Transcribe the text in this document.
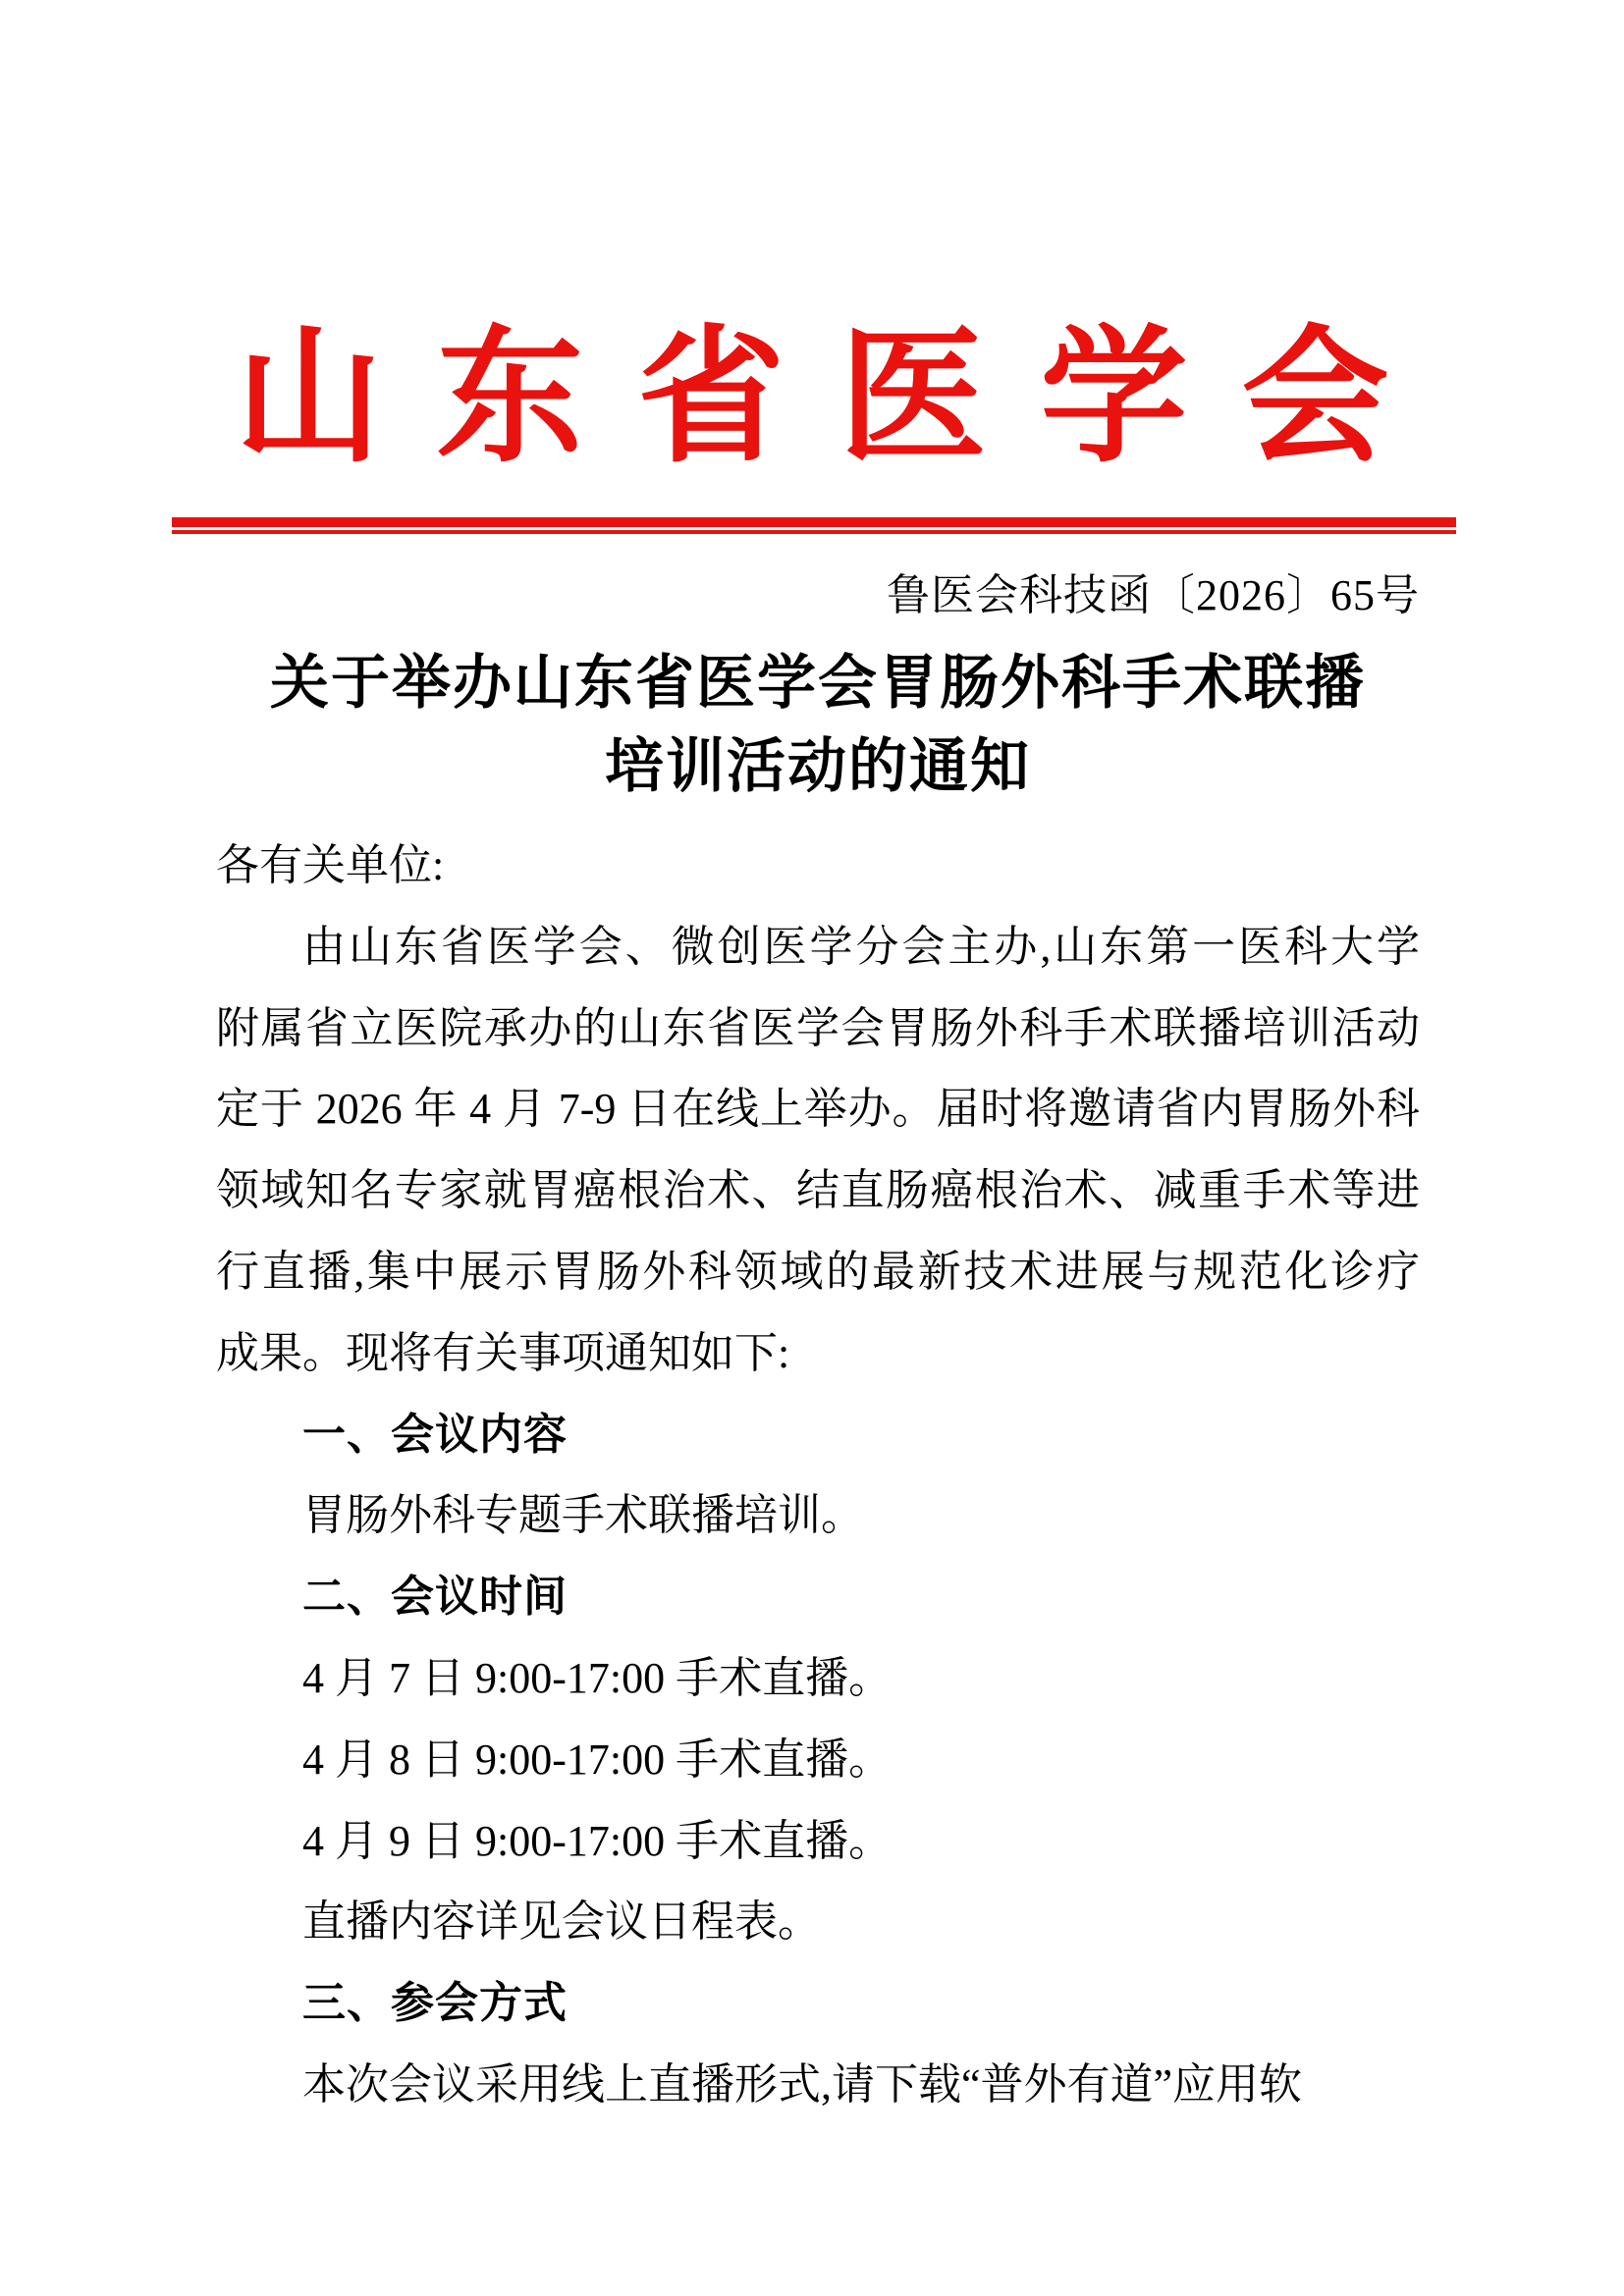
山东省医学会
鲁医会科技函〔2026〕65号
关于举办山东省医学会胃肠外科手术联播
培训活动的通知
各有关单位:
由山东省医学会、微创医学分会主办,山东第一医科大学
附属省立医院承办的山东省医学会胃肠外科手术联播培训活动
定于 2026 年 4 月 7-9 日在线上举办。届时将邀请省内胃肠外科
领域知名专家就胃癌根治术、结直肠癌根治术、减重手术等进
行直播,集中展示胃肠外科领域的最新技术进展与规范化诊疗
成果。现将有关事项通知如下:
一、会议内容
胃肠外科专题手术联播培训。
二、会议时间
4 月 7 日 9:00-17:00 手术直播。
4 月 8 日 9:00-17:00 手术直播。
4 月 9 日 9:00-17:00 手术直播。
直播内容详见会议日程表。
三、参会方式
本次会议采用线上直播形式,请下载“普外有道”应用软
